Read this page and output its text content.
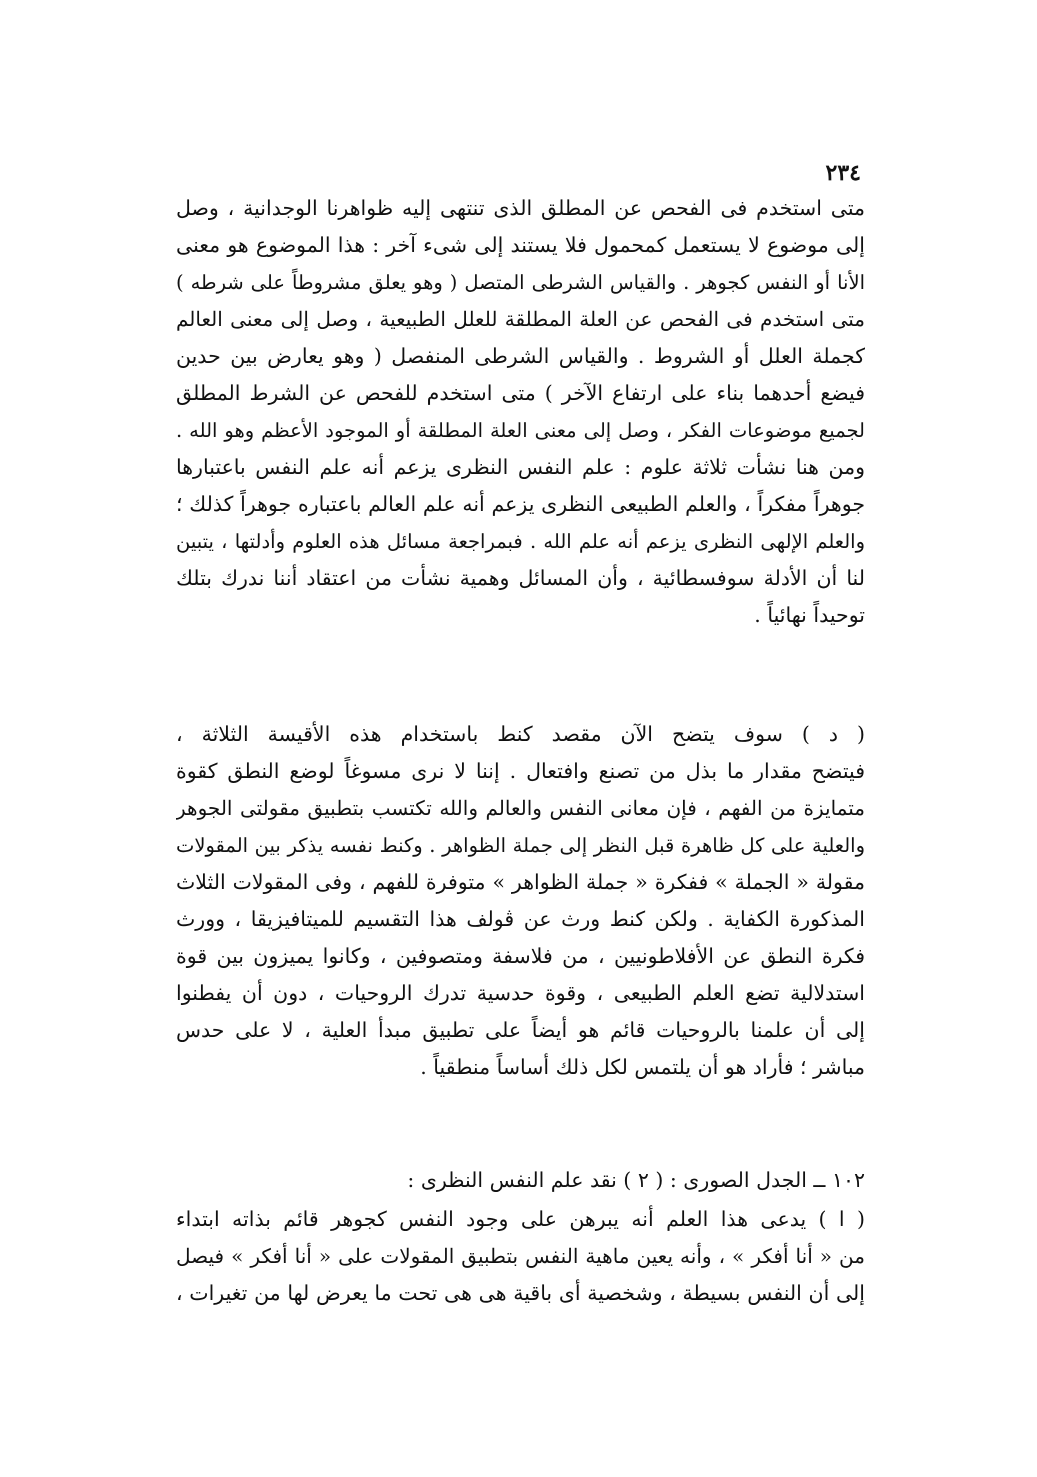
٢٣٤
متى استخدم فى الفحص عن المطلق الذى تنتهى إليه ظواهرنا الوجدانية ، وصل
إلى موضوع لا يستعمل كمحمول فلا يستند إلى شىء آخر : هذا الموضوع هو معنى
الأنا أو النفس كجوهر . والقياس الشرطى المتصل ( وهو يعلق مشروطاً على شرطه )
متى استخدم فى الفحص عن العلة المطلقة للعلل الطبيعية ، وصل إلى معنى العالم
كجملة العلل أو الشروط . والقياس الشرطى المنفصل ( وهو يعارض بين حدين
فيضع أحدهما بناء على ارتفاع الآخر ) متى استخدم للفحص عن الشرط المطلق
لجميع موضوعات الفكر ، وصل إلى معنى العلة المطلقة أو الموجود الأعظم وهو الله .
ومن هنا نشأت ثلاثة علوم : علم النفس النظرى يزعم أنه علم النفس باعتبارها
جوهراً مفكراً ، والعلم الطبيعى النظرى يزعم أنه علم العالم باعتباره جوهراً كذلك ؛
والعلم الإلهى النظرى يزعم أنه علم الله . فبمراجعة مسائل هذه العلوم وأدلتها ، يتبين
لنا أن الأدلة سوفسطائية ، وأن المسائل وهمية نشأت من اعتقاد أننا ندرك بتلك
توحيداً نهائياً .
( د ) سوف يتضح الآن مقصد كنط باستخدام هذه الأقيسة الثلاثة ،
فيتضح مقدار ما بذل من تصنع وافتعال . إننا لا نرى مسوغاً لوضع النطق كقوة
متمايزة من الفهم ، فإن معانى النفس والعالم والله تكتسب بتطبيق مقولتى الجوهر
والعلية على كل ظاهرة قبل النظر إلى جملة الظواهر . وكنط نفسه يذكر بين المقولات
مقولة « الجملة » ففكرة « جملة الظواهر » متوفرة للفهم ، وفى المقولات الثلاث
المذكورة الكفاية . ولكن كنط ورث عن ڤولف هذا التقسيم للميتافيزيقا ، وورث
فكرة النطق عن الأفلاطونيين ، من فلاسفة ومتصوفين ، وكانوا يميزون بين قوة
استدلالية تضع العلم الطبيعى ، وقوة حدسية تدرك الروحيات ، دون أن يفطنوا
إلى أن علمنا بالروحيات قائم هو أيضاً على تطبيق مبدأ العلية ، لا على حدس
مباشر ؛ فأراد هو أن يلتمس لكل ذلك أساساً منطقياً .
١٠٢ ــ الجدل الصورى : ( ٢ ) نقد علم النفس النظرى :
( ا ) يدعى هذا العلم أنه يبرهن على وجود النفس كجوهر قائم بذاته ابتداء
من « أنا أفكر » ، وأنه يعين ماهية النفس بتطبيق المقولات على « أنا أفكر » فيصل
إلى أن النفس بسيطة ، وشخصية أى باقية هى هى تحت ما يعرض لها من تغيرات ،
